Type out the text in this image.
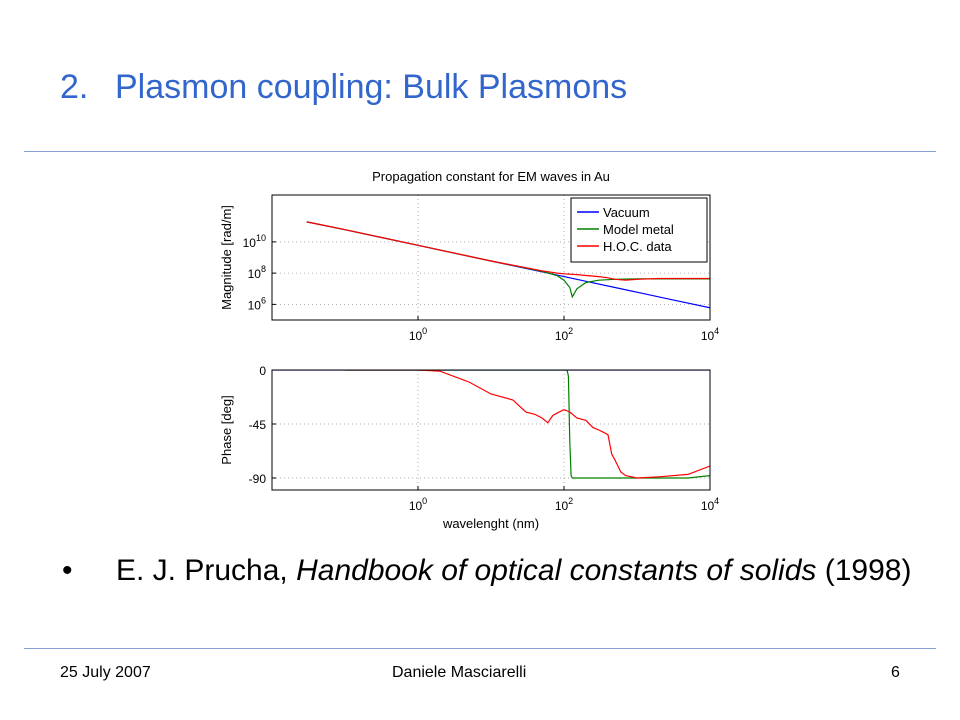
2. Plasmon coupling: Bulk Plasmons
$10^0$	$10^2$	$10^4$
$10^6$
$10^8$
$10^{10}$
Propagation constant for EM waves in Au
Magnitude [rad/m]	Vacuum
Model metal
H.O.C. data
$10^0$	$10^2$	$10^4$
0
-45
-90
Phase [deg]
wavelenght (nm)
• E. J. Prucha, Handbook of optical constants of solids (1998)
25 July 2007	Daniele Masciarelli	6
